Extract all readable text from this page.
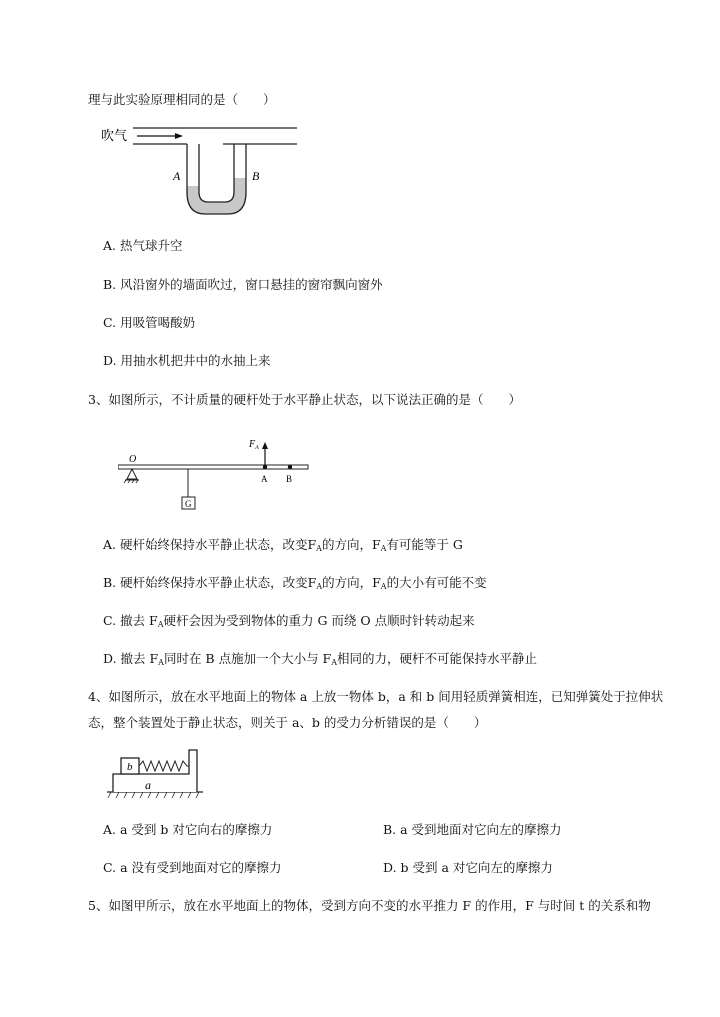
理与此实验原理相同的是（　　）
吹气
A	B
A. 热气球升空
B. 风沿窗外的墙面吹过，窗口悬挂的窗帘飘向窗外
C. 用吸管喝酸奶
D. 用抽水机把井中的水抽上来
3、如图所示，不计质量的硬杆处于水平静止状态，以下说法正确的是（　　）
O
G
$F_A$
A B
A. 硬杆始终保持水平静止状态，改变$F_A$的方向，$F_A$有可能等于 G
B. 硬杆始终保持水平静止状态，改变$F_A$的方向，$F_A$的大小有可能不变
C. 撤去 $F_A$硬杆会因为受到物体的重力 G 而绕 O 点顺时针转动起来
D. 撤去 $F_A$同时在 B 点施加一个大小与 $F_A$相同的力，硬杆不可能保持水平静止
4、如图所示，放在水平地面上的物体 a 上放一物体 b，a 和 b 间用轻质弹簧相连，已知弹簧处于拉伸状
态，整个装置处于静止状态，则关于 a、b 的受力分析错误的是（　　）
a
b
A. a 受到 b 对它向右的摩擦力	B. a 受到地面对它向左的摩擦力
C. a 没有受到地面对它的摩擦力	D. b 受到 a 对它向左的摩擦力
5、如图甲所示，放在水平地面上的物体，受到方向不变的水平推力 F 的作用，F 与时间 t 的关系和物
